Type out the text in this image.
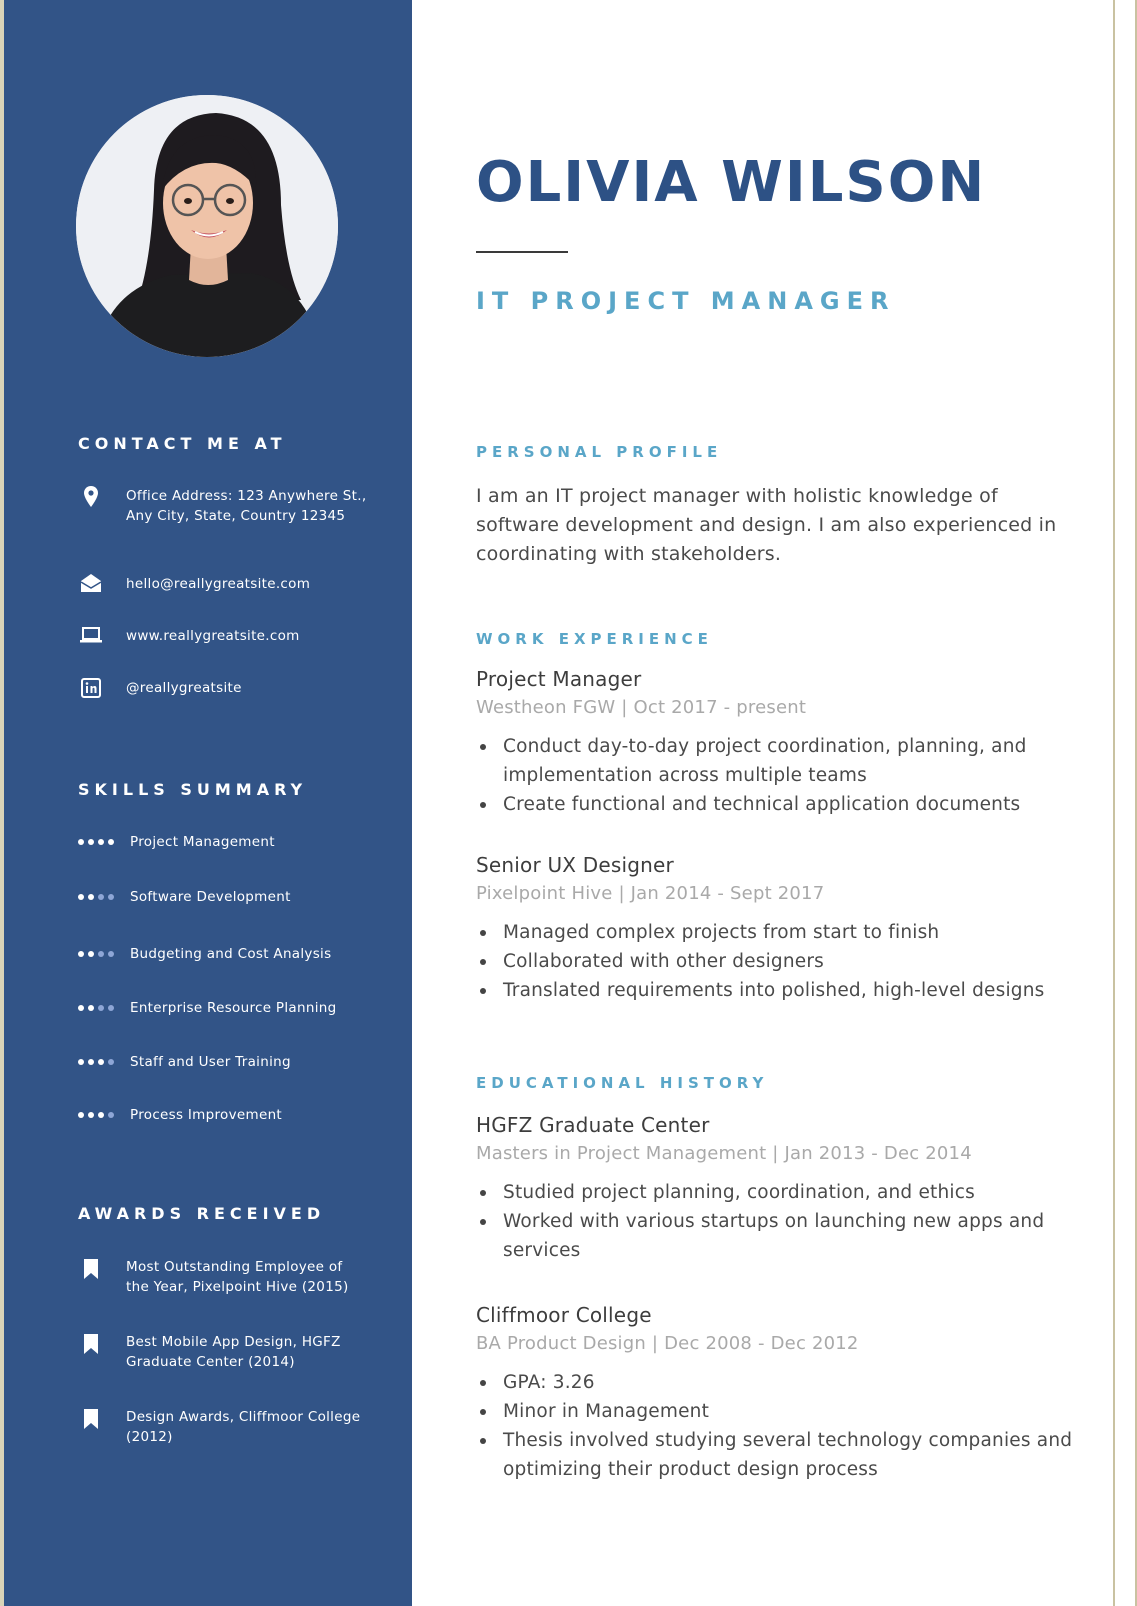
CONTACT ME AT
Office Address: 123 Anywhere St., Any City, State, Country 12345
hello@reallygreatsite.com
www.reallygreatsite.com
@reallygreatsite
SKILLS SUMMARY
Project Management
Software Development
Budgeting and Cost Analysis
Enterprise Resource Planning
Staff and User Training
Process Improvement
AWARDS RECEIVED
Most Outstanding Employee of the Year, Pixelpoint Hive (2015)
Best Mobile App Design, HGFZ Graduate Center (2014)
Design Awards, Cliffmoor College (2012)
OLIVIA WILSON
IT PROJECT MANAGER
PERSONAL PROFILE
I am an IT project manager with holistic knowledge of software development and design. I am also experienced in coordinating with stakeholders.
WORK EXPERIENCE
Project Manager
Westheon FGW | Oct 2017 - present
Conduct day-to-day project coordination, planning, and implementation across multiple teams
Create functional and technical application documents
Senior UX Designer
Pixelpoint Hive | Jan 2014 - Sept 2017
Managed complex projects from start to finish
Collaborated with other designers
Translated requirements into polished, high-level designs
EDUCATIONAL HISTORY
HGFZ Graduate Center
Masters in Project Management | Jan 2013 - Dec 2014
Studied project planning, coordination, and ethics
Worked with various startups on launching new apps and services
Cliffmoor College
BA Product Design | Dec 2008 - Dec 2012
GPA: 3.26
Minor in Management
Thesis involved studying several technology companies and optimizing their product design process
